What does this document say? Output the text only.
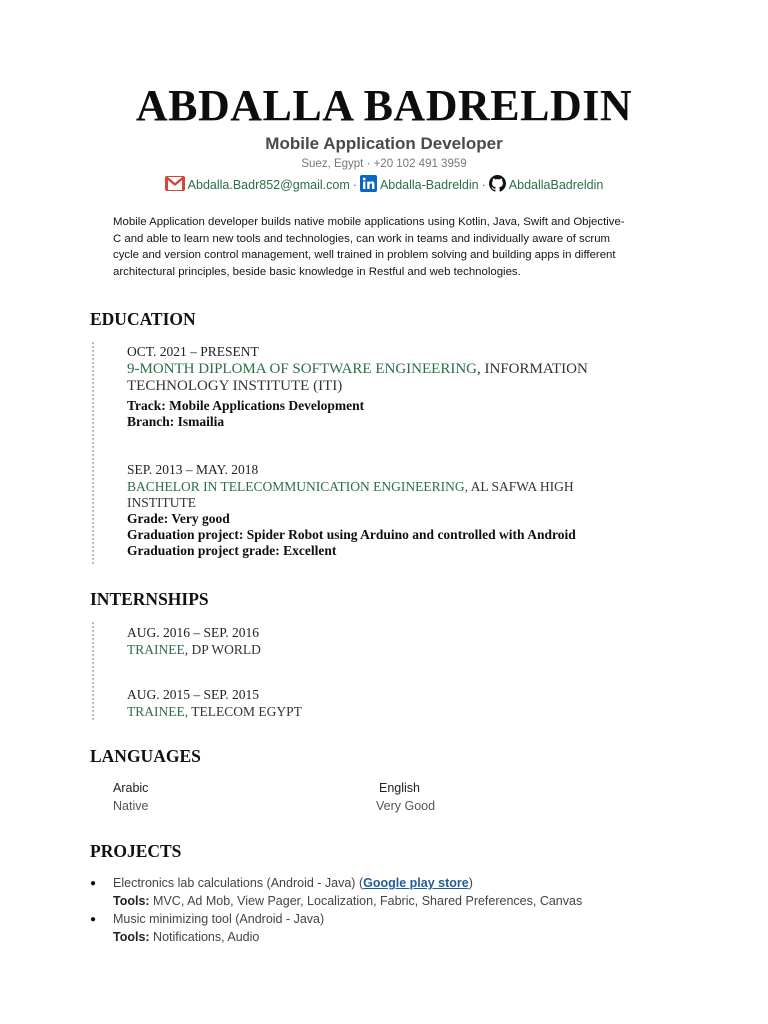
ABDALLA BADRELDIN
Mobile Application Developer
Suez, Egypt · +20 102 491 3959
Abdalla.Badr852@gmail.com · Abdalla-Badreldin · AbdallaBadreldin
Mobile Application developer builds native mobile applications using Kotlin, Java, Swift and Objective-
C and able to learn new tools and technologies, can work in teams and individually aware of scrum
cycle and version control management, well trained in problem solving and building apps in different
architectural principles, beside basic knowledge in Restful and web technologies.
EDUCATION
OCT. 2021 – PRESENT
9-MONTH DIPLOMA OF SOFTWARE ENGINEERING, INFORMATION
TECHNOLOGY INSTITUTE (ITI)
Track: Mobile Applications Development
Branch: Ismailia
SEP. 2013 – MAY. 2018
BACHELOR IN TELECOMMUNICATION ENGINEERING, AL SAFWA HIGH
INSTITUTE
Grade: Very good
Graduation project: Spider Robot using Arduino and controlled with Android
Graduation project grade: Excellent
INTERNSHIPS
AUG. 2016 – SEP. 2016
TRAINEE, DP WORLD
AUG. 2015 – SEP. 2015
TRAINEE, TELECOM EGYPT
LANGUAGES
Arabic
Native
English
Very Good
PROJECTS
● Electronics lab calculations (Android - Java) (Google play store)
Tools: MVC, Ad Mob, View Pager, Localization, Fabric, Shared Preferences, Canvas
● Music minimizing tool (Android - Java)
Tools: Notifications, Audio
